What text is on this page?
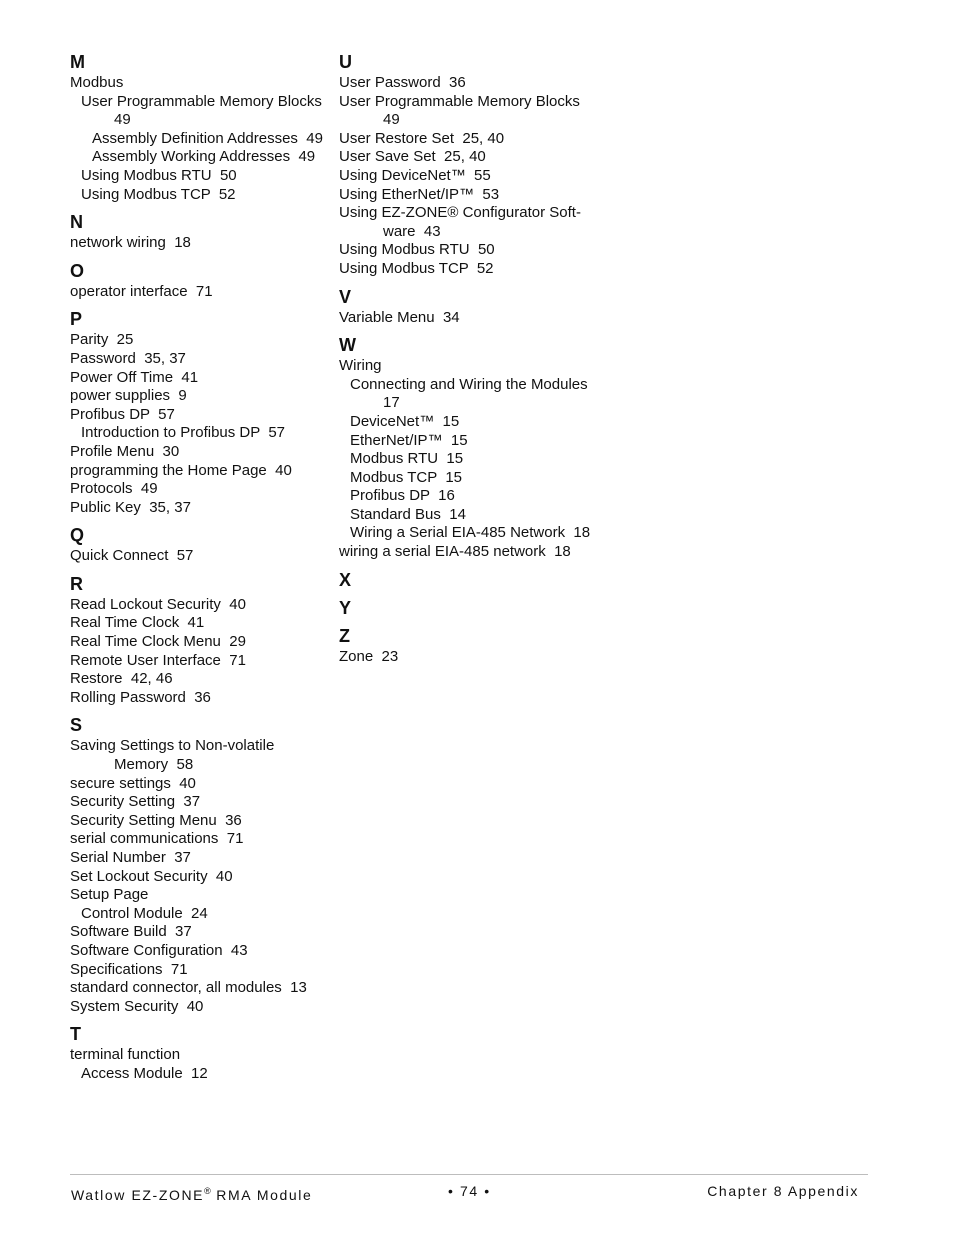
M
Modbus
User Programmable Memory Blocks
49
Assembly Definition Addresses  49
Assembly Working Addresses  49
Using Modbus RTU  50
Using Modbus TCP  52
N
network wiring  18
O
operator interface  71
P
Parity  25
Password  35, 37
Power Off Time  41
power supplies  9
Profibus DP  57
Introduction to Profibus DP  57
Profile Menu  30
programming the Home Page  40
Protocols  49
Public Key  35, 37
Q
Quick Connect  57
R
Read Lockout Security  40
Real Time Clock  41
Real Time Clock Menu  29
Remote User Interface  71
Restore  42, 46
Rolling Password  36
S
Saving Settings to Non-volatile
Memory  58
secure settings  40
Security Setting  37
Security Setting Menu  36
serial communications  71
Serial Number  37
Set Lockout Security  40
Setup Page
Control Module  24
Software Build  37
Software Configuration  43
Specifications  71
standard connector, all modules  13
System Security  40
T
terminal function
Access Module  12
U
User Password  36
User Programmable Memory Blocks
49
User Restore Set  25, 40
User Save Set  25, 40
Using DeviceNet™  55
Using EtherNet/IP™  53
Using EZ-ZONE® Configurator Soft-
ware  43
Using Modbus RTU  50
Using Modbus TCP  52
V
Variable Menu  34
W
Wiring
Connecting and Wiring the Modules
17
DeviceNet™  15
EtherNet/IP™  15
Modbus RTU  15
Modbus TCP  15
Profibus DP  16
Standard Bus  14
Wiring a Serial EIA-485 Network  18
wiring a serial EIA-485 network  18
X
Y
Z
Zone  23
Watlow EZ-ZONE® RMA Module	• 74 •	Chapter 8 Appendix
